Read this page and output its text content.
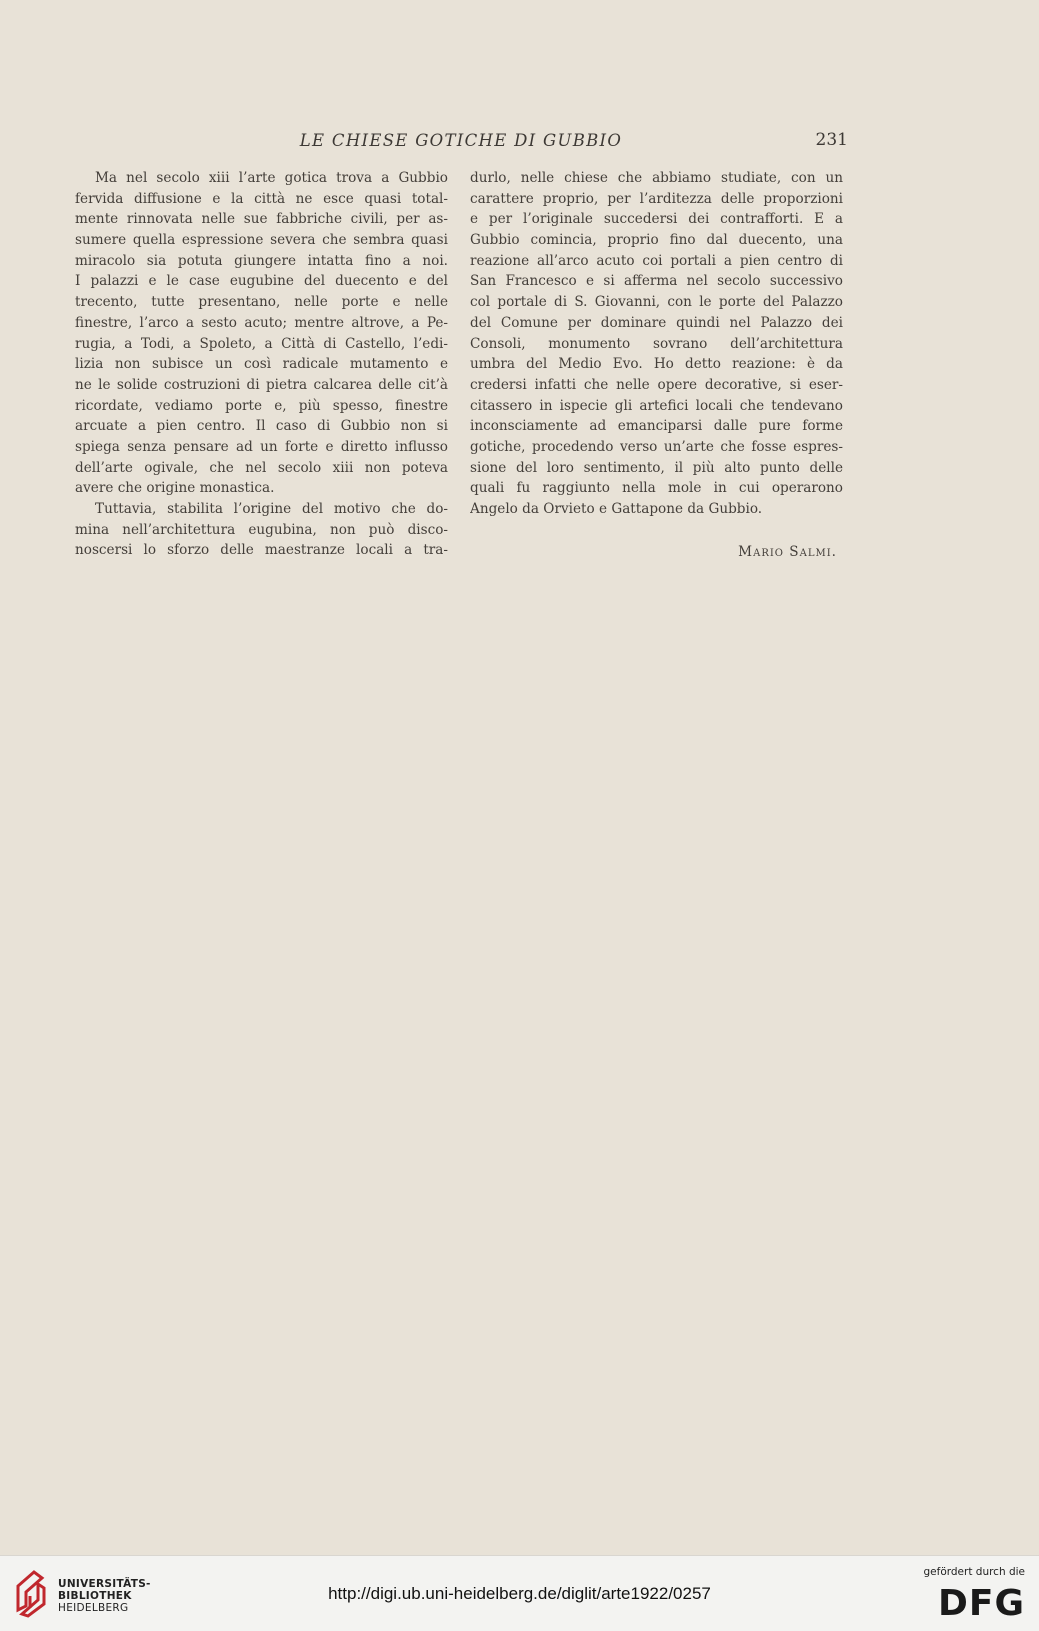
LE CHIESE GOTICHE DI GUBBIO	231
Ma nel secolo xiii l’arte gotica trova a Gubbio
fervida diffusione e la città ne esce quasi total-
mente rinnovata nelle sue fabbriche civili, per as-
sumere quella espressione severa che sembra quasi
miracolo sia potuta giungere intatta fino a noi.
I palazzi e le case eugubine del duecento e del
trecento, tutte presentano, nelle porte e nelle
finestre, l’arco a sesto acuto; mentre altrove, a Pe-
rugia, a Todi, a Spoleto, a Città di Castello, l’edi-
lizia non subisce un così radicale mutamento e
ne le solide costruzioni di pietra calcarea delle cit’à
ricordate, vediamo porte e, più spesso, finestre
arcuate a pien centro. Il caso di Gubbio non si
spiega senza pensare ad un forte e diretto influsso
dell’arte ogivale, che nel secolo xiii non poteva
avere che origine monastica.
Tuttavia, stabilita l’origine del motivo che do-
mina nell’architettura eugubina, non può disco-
noscersi lo sforzo delle maestranze locali a tra-
durlo, nelle chiese che abbiamo studiate, con un
carattere proprio, per l’arditezza delle proporzioni
e per l’originale succedersi dei contrafforti. E a
Gubbio comincia, proprio fino dal duecento, una
reazione all’arco acuto coi portali a pien centro di
San Francesco e si afferma nel secolo successivo
col portale di S. Giovanni, con le porte del Palazzo
del Comune per dominare quindi nel Palazzo dei
Consoli, monumento sovrano dell’architettura
umbra del Medio Evo. Ho detto reazione: è da
credersi infatti che nelle opere decorative, si eser-
citassero in ispecie gli artefici locali che tendevano
inconsciamente ad emanciparsi dalle pure forme
gotiche, procedendo verso un’arte che fosse espres-
sione del loro sentimento, il più alto punto delle
quali fu raggiunto nella mole in cui operarono
Angelo da Orvieto e Gattapone da Gubbio.
Mario Salmi.
UNIVERSITÄTS-
BIBLIOTHEK
HEIDELBERG
http://digi.ub.uni-heidelberg.de/diglit/arte1922/0257
gefördert durch die
DFG
